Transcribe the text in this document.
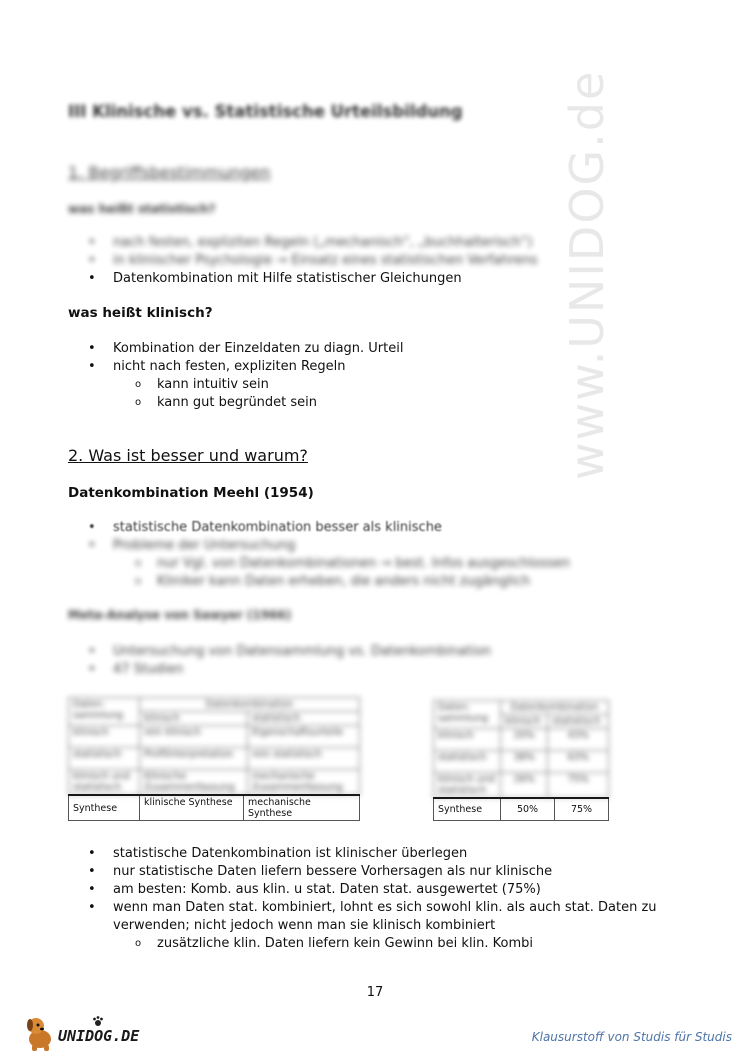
www.UNIDOG.de
III Klinische vs. Statistische Urteilsbildung
1. Begriffsbestimmungen
was heißt statistisch?
• nach festen, expliziten Regeln („mechanisch“, „buchhalterisch“)
• in klinischer Psychologie → Einsatz eines statistischen Verfahrens
• Datenkombination mit Hilfe statistischer Gleichungen
was heißt klinisch?
• Kombination der Einzeldaten zu diagn. Urteil
• nicht nach festen, expliziten Regeln
o kann intuitiv sein
o kann gut begründet sein
2. Was ist besser und warum?
Datenkombination Meehl (1954)
• statistische Datenkombination besser als klinische
• Probleme der Untersuchung
o nur Vgl. von Datenkombinationen → best. Infos ausgeschlossen
o Kliniker kann Daten erheben, die anders nicht zugänglich
Meta-Analyse von Sawyer (1966)
• Untersuchung von Datensammlung vs. Datenkombination
• 47 Studien
Daten-sammlung	Datenkombination	
	klinisch	statistisch
klinisch	rein klinisch	Eigenschaftsurteile
statistisch	Profilinterpretation	rein statistisch
klinisch und statistisch	Klinische Zusammenfassung	mechanische Zusammenfassung
Synthese	klinische Synthese	mechanische Synthese
Daten-sammlung	Datenkombination	
	klinisch	statistisch
klinisch	20%	43%
statistisch	38%	63%
klinisch und statistisch	26%	75%
Synthese	50%	75%
• statistische Datenkombination ist klinischer überlegen
• nur statistische Daten liefern bessere Vorhersagen als nur klinische
• am besten: Komb. aus klin. u stat. Daten stat. ausgewertet (75%)
• wenn man Daten stat. kombiniert, lohnt es sich sowohl klin. als auch stat. Daten zu verwenden; nicht jedoch wenn man sie klinisch kombiniert
o zusätzliche klin. Daten liefern kein Gewinn bei klin. Kombi
17
UNIDOG.DE	Klausurstoff von Studis für Studis
